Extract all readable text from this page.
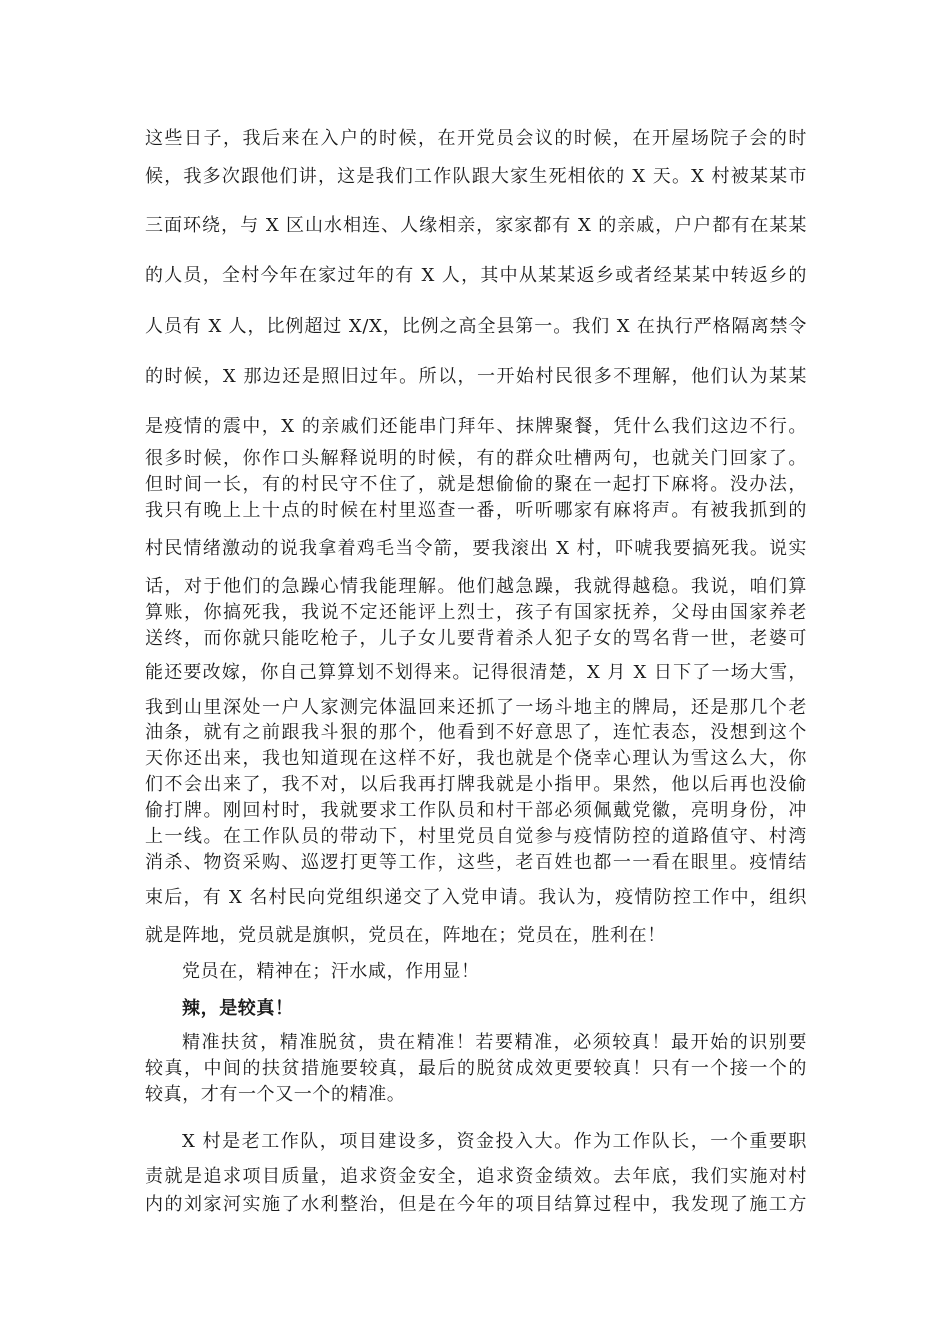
这些日子，我后来在入户的时候，在开党员会议的时候，在开屋场院子会的时
候，我多次跟他们讲，这是我们工作队跟大家生死相依的 X 天。X 村被某某市
三面环绕，与 X 区山水相连、人缘相亲，家家都有 X 的亲戚，户户都有在某某
的人员，全村今年在家过年的有 X 人，其中从某某返乡或者经某某中转返乡的
人员有 X 人，比例超过 X/X，比例之高全县第一。我们 X 在执行严格隔离禁令
的时候，X 那边还是照旧过年。所以，一开始村民很多不理解，他们认为某某
是疫情的震中，X 的亲戚们还能串门拜年、抹牌聚餐，凭什么我们这边不行。
很多时候，你作口头解释说明的时候，有的群众吐槽两句，也就关门回家了。
但时间一长，有的村民守不住了，就是想偷偷的聚在一起打下麻将。没办法，
我只有晚上上十点的时候在村里巡查一番，听听哪家有麻将声。有被我抓到的
村民情绪激动的说我拿着鸡毛当令箭，要我滚出 X 村，吓唬我要搞死我。说实
话，对于他们的急躁心情我能理解。他们越急躁，我就得越稳。我说，咱们算
算账，你搞死我，我说不定还能评上烈士，孩子有国家抚养，父母由国家养老
送终，而你就只能吃枪子，儿子女儿要背着杀人犯子女的骂名背一世，老婆可
能还要改嫁，你自己算算划不划得来。记得很清楚，X 月 X 日下了一场大雪，
我到山里深处一户人家测完体温回来还抓了一场斗地主的牌局，还是那几个老
油条，就有之前跟我斗狠的那个，他看到不好意思了，连忙表态，没想到这个
天你还出来，我也知道现在这样不好，我也就是个侥幸心理认为雪这么大，你
们不会出来了，我不对，以后我再打牌我就是小指甲。果然，他以后再也没偷
偷打牌。刚回村时，我就要求工作队员和村干部必须佩戴党徽，亮明身份，冲
上一线。在工作队员的带动下，村里党员自觉参与疫情防控的道路值守、村湾
消杀、物资采购、巡逻打更等工作，这些，老百姓也都一一看在眼里。疫情结
束后，有 X 名村民向党组织递交了入党申请。我认为，疫情防控工作中，组织
就是阵地，党员就是旗帜，党员在，阵地在；党员在，胜利在！
党员在，精神在；汗水咸，作用显！
辣，是较真！
精准扶贫，精准脱贫，贵在精准！若要精准，必须较真！最开始的识别要
较真，中间的扶贫措施要较真，最后的脱贫成效更要较真！只有一个接一个的
较真，才有一个又一个的精准。
X 村是老工作队，项目建设多，资金投入大。作为工作队长，一个重要职
责就是追求项目质量，追求资金安全，追求资金绩效。去年底，我们实施对村
内的刘家河实施了水利整治，但是在今年的项目结算过程中，我发现了施工方
